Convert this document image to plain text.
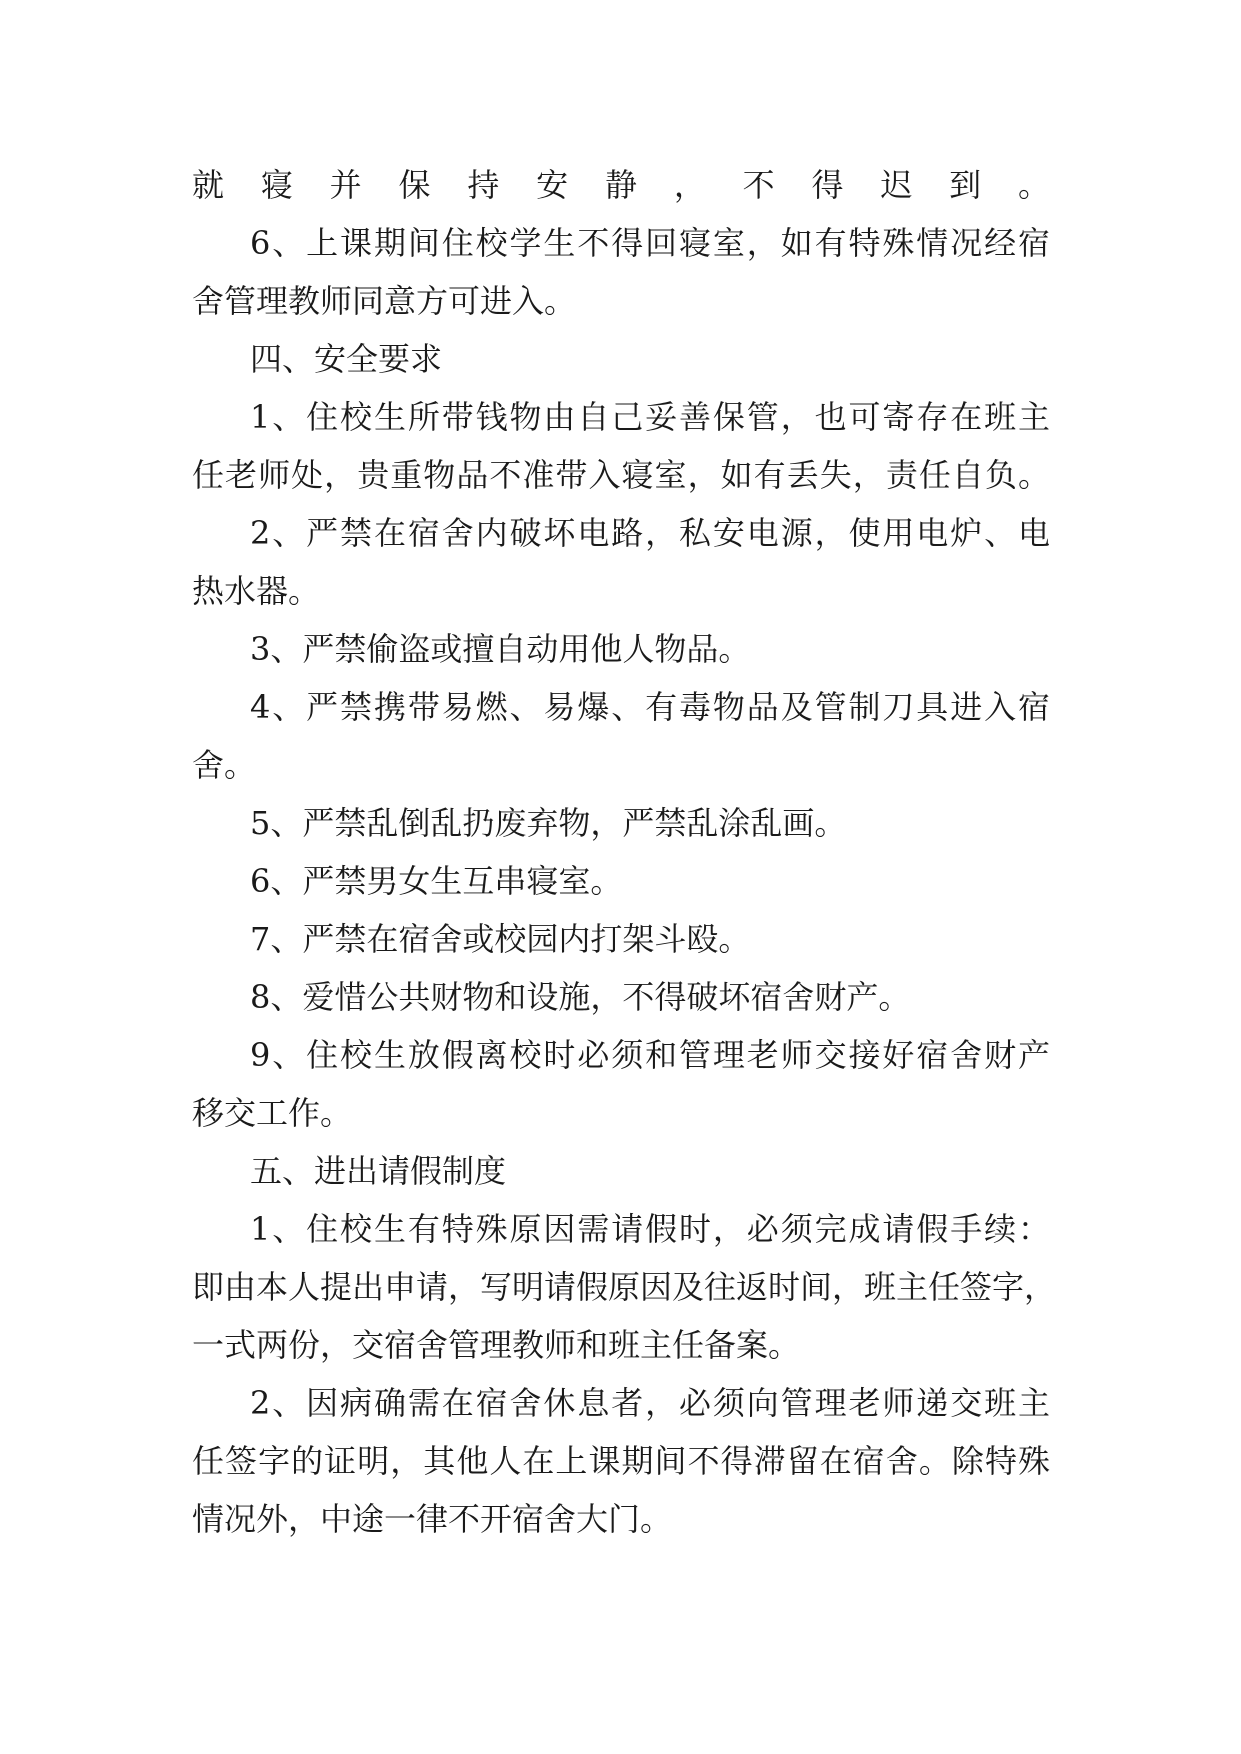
就寝并保持安静，不得迟到。
6、上课期间住校学生不得回寝室，如有特殊情况经宿
舍管理教师同意方可进入。
四、安全要求
1、住校生所带钱物由自己妥善保管，也可寄存在班主
任老师处，贵重物品不准带入寝室，如有丢失，责任自负。
2、严禁在宿舍内破坏电路，私安电源，使用电炉、电
热水器。
3、严禁偷盗或擅自动用他人物品。
4、严禁携带易燃、易爆、有毒物品及管制刀具进入宿
舍。
5、严禁乱倒乱扔废弃物，严禁乱涂乱画。
6、严禁男女生互串寝室。
7、严禁在宿舍或校园内打架斗殴。
8、爱惜公共财物和设施，不得破坏宿舍财产。
9、住校生放假离校时必须和管理老师交接好宿舍财产
移交工作。
五、进出请假制度
1、住校生有特殊原因需请假时，必须完成请假手续：
即由本人提出申请，写明请假原因及往返时间，班主任签字，
一式两份，交宿舍管理教师和班主任备案。
2、因病确需在宿舍休息者，必须向管理老师递交班主
任签字的证明，其他人在上课期间不得滞留在宿舍。除特殊
情况外，中途一律不开宿舍大门。
